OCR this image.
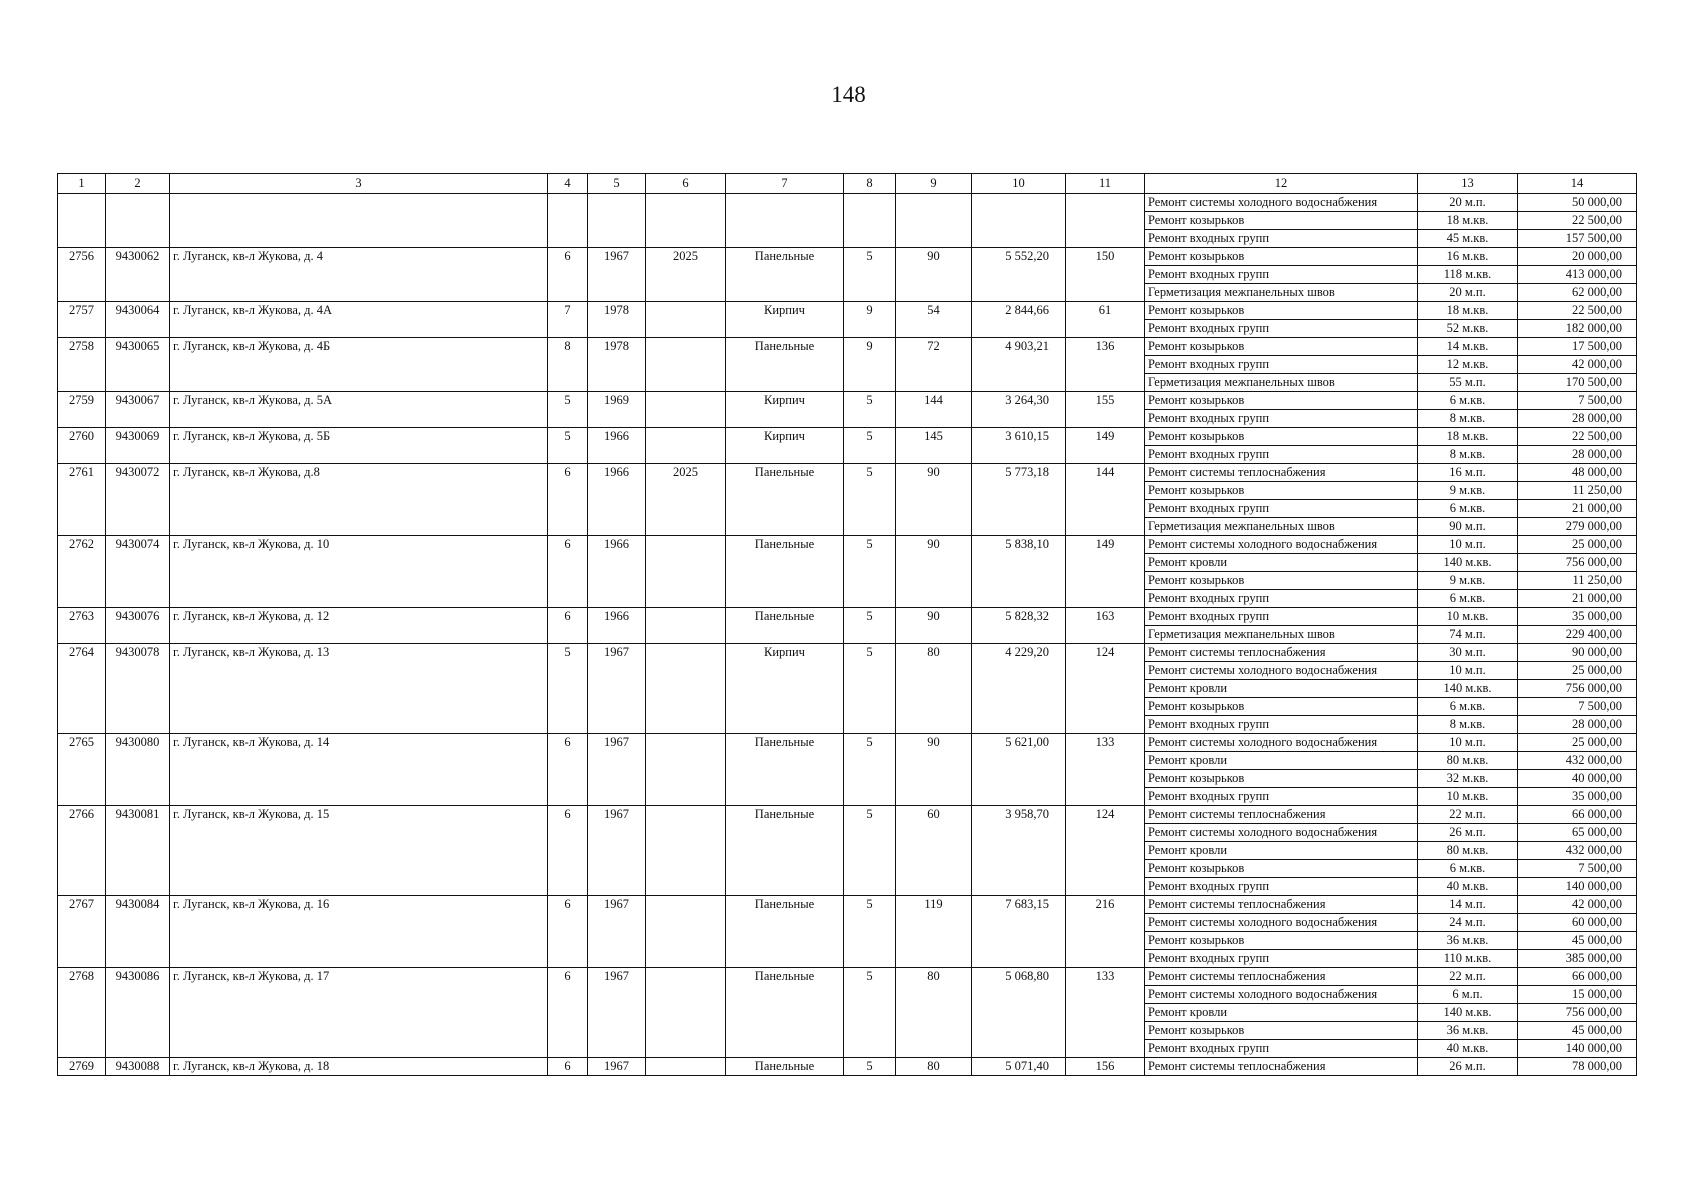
148
1	2	3	4	5	6	7	8	9	10	11	12	13	14
											Ремонт системы холодного водоснабжения	20 м.п.	50 000,00
											Ремонт козырьков	18 м.кв.	22 500,00
											Ремонт входных групп	45 м.кв.	157 500,00
2756	9430062	г. Луганск, кв-л Жукова, д. 4	6	1967	2025	Панельные	5	90	5 552,20	150	Ремонт козырьков	16 м.кв.	20 000,00
											Ремонт входных групп	118 м.кв.	413 000,00
											Герметизация межпанельных швов	20 м.п.	62 000,00
2757	9430064	г. Луганск, кв-л Жукова, д. 4А	7	1978		Кирпич	9	54	2 844,66	61	Ремонт козырьков	18 м.кв.	22 500,00
											Ремонт входных групп	52 м.кв.	182 000,00
2758	9430065	г. Луганск, кв-л Жукова, д. 4Б	8	1978		Панельные	9	72	4 903,21	136	Ремонт козырьков	14 м.кв.	17 500,00
											Ремонт входных групп	12 м.кв.	42 000,00
											Герметизация межпанельных швов	55 м.п.	170 500,00
2759	9430067	г. Луганск, кв-л Жукова, д. 5А	5	1969		Кирпич	5	144	3 264,30	155	Ремонт козырьков	6 м.кв.	7 500,00
											Ремонт входных групп	8 м.кв.	28 000,00
2760	9430069	г. Луганск, кв-л Жукова, д. 5Б	5	1966		Кирпич	5	145	3 610,15	149	Ремонт козырьков	18 м.кв.	22 500,00
											Ремонт входных групп	8 м.кв.	28 000,00
2761	9430072	г. Луганск, кв-л Жукова, д.8	6	1966	2025	Панельные	5	90	5 773,18	144	Ремонт системы теплоснабжения	16 м.п.	48 000,00
											Ремонт козырьков	9 м.кв.	11 250,00
											Ремонт входных групп	6 м.кв.	21 000,00
											Герметизация межпанельных швов	90 м.п.	279 000,00
2762	9430074	г. Луганск, кв-л Жукова, д. 10	6	1966		Панельные	5	90	5 838,10	149	Ремонт системы холодного водоснабжения	10 м.п.	25 000,00
											Ремонт кровли	140 м.кв.	756 000,00
											Ремонт козырьков	9 м.кв.	11 250,00
											Ремонт входных групп	6 м.кв.	21 000,00
2763	9430076	г. Луганск, кв-л Жукова, д. 12	6	1966		Панельные	5	90	5 828,32	163	Ремонт входных групп	10 м.кв.	35 000,00
											Герметизация межпанельных швов	74 м.п.	229 400,00
2764	9430078	г. Луганск, кв-л Жукова, д. 13	5	1967		Кирпич	5	80	4 229,20	124	Ремонт системы теплоснабжения	30 м.п.	90 000,00
											Ремонт системы холодного водоснабжения	10 м.п.	25 000,00
											Ремонт кровли	140 м.кв.	756 000,00
											Ремонт козырьков	6 м.кв.	7 500,00
											Ремонт входных групп	8 м.кв.	28 000,00
2765	9430080	г. Луганск, кв-л Жукова, д. 14	6	1967		Панельные	5	90	5 621,00	133	Ремонт системы холодного водоснабжения	10 м.п.	25 000,00
											Ремонт кровли	80 м.кв.	432 000,00
											Ремонт козырьков	32 м.кв.	40 000,00
											Ремонт входных групп	10 м.кв.	35 000,00
2766	9430081	г. Луганск, кв-л Жукова, д. 15	6	1967		Панельные	5	60	3 958,70	124	Ремонт системы теплоснабжения	22 м.п.	66 000,00
											Ремонт системы холодного водоснабжения	26 м.п.	65 000,00
											Ремонт кровли	80 м.кв.	432 000,00
											Ремонт козырьков	6 м.кв.	7 500,00
											Ремонт входных групп	40 м.кв.	140 000,00
2767	9430084	г. Луганск, кв-л Жукова, д. 16	6	1967		Панельные	5	119	7 683,15	216	Ремонт системы теплоснабжения	14 м.п.	42 000,00
											Ремонт системы холодного водоснабжения	24 м.п.	60 000,00
											Ремонт козырьков	36 м.кв.	45 000,00
											Ремонт входных групп	110 м.кв.	385 000,00
2768	9430086	г. Луганск, кв-л Жукова, д. 17	6	1967		Панельные	5	80	5 068,80	133	Ремонт системы теплоснабжения	22 м.п.	66 000,00
											Ремонт системы холодного водоснабжения	6 м.п.	15 000,00
											Ремонт кровли	140 м.кв.	756 000,00
											Ремонт козырьков	36 м.кв.	45 000,00
											Ремонт входных групп	40 м.кв.	140 000,00
2769	9430088	г. Луганск, кв-л Жукова, д. 18	6	1967		Панельные	5	80	5 071,40	156	Ремонт системы теплоснабжения	26 м.п.	78 000,00
